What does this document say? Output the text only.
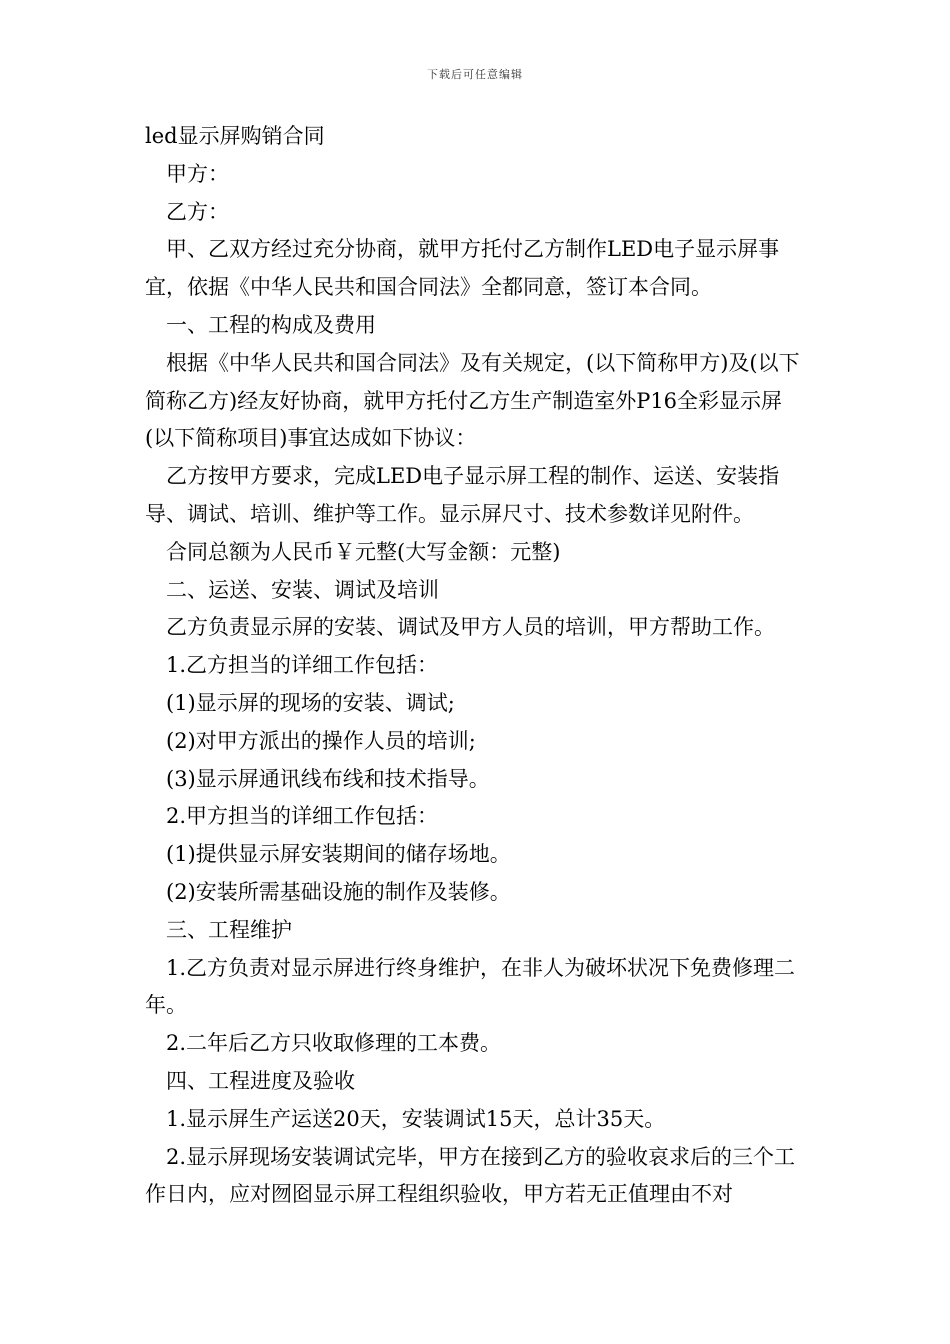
下载后可任意编辑

led显示屏购销合同

甲方：

乙方：

甲、乙双方经过充分协商，就甲方托付乙方制作LED电子显示屏事宜，依据《中华人民共和国合同法》全都同意，签订本合同。

一、工程的构成及费用

根据《中华人民共和国合同法》及有关规定，(以下简称甲方)及(以下简称乙方)经友好协商，就甲方托付乙方生产制造室外P16全彩显示屏(以下简称项目)事宜达成如下协议：

乙方按甲方要求，完成LED电子显示屏工程的制作、运送、安装指导、调试、培训、维护等工作。显示屏尺寸、技术参数详见附件。

合同总额为人民币￥元整(大写金额：元整)

二、运送、安装、调试及培训

乙方负责显示屏的安装、调试及甲方人员的培训，甲方帮助工作。

1.乙方担当的详细工作包括：

(1)显示屏的现场的安装、调试;

(2)对甲方派出的操作人员的培训;

(3)显示屏通讯线布线和技术指导。

2.甲方担当的详细工作包括：

(1)提供显示屏安装期间的储存场地。

(2)安装所需基础设施的制作及装修。

三、工程维护

1.乙方负责对显示屏进行终身维护，在非人为破坏状况下免费修理二年。

2.二年后乙方只收取修理的工本费。

四、工程进度及验收

1.显示屏生产运送20天，安装调试15天，总计35天。

2.显示屏现场安装调试完毕，甲方在接到乙方的验收哀求后的三个工作日内，应对囫囵显示屏工程组织验收，甲方若无正值理由不对
